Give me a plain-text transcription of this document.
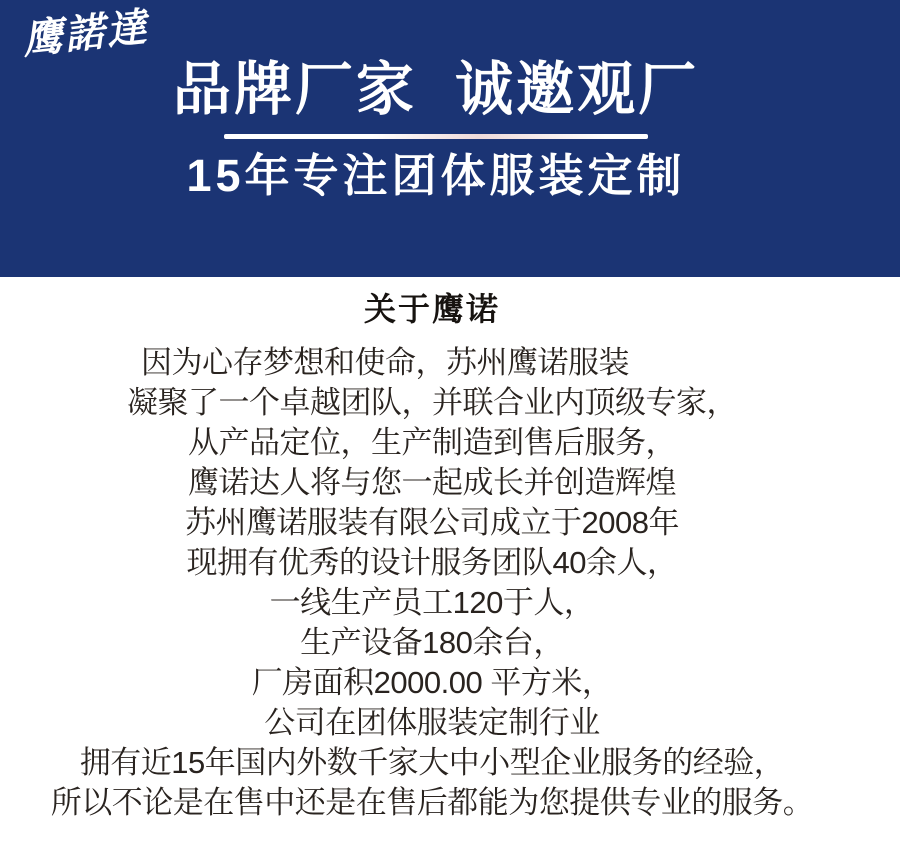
鹰諾達
品牌厂家  诚邀观厂
15年专注团体服装定制
关于鹰诺
因为心存梦想和使命，苏州鹰诺服装
凝聚了一个卓越团队，并联合业内顶级专家，
从产品定位，生产制造到售后服务，
鹰诺达人将与您一起成长并创造辉煌
苏州鹰诺服装有限公司成立于2008年
现拥有优秀的设计服务团队40余人，
一线生产员工120于人，
生产设备180余台，
厂房面积2000.00 平方米，
公司在团体服装定制行业
拥有近15年国内外数千家大中小型企业服务的经验，
所以不论是在售中还是在售后都能为您提供专业的服务。
